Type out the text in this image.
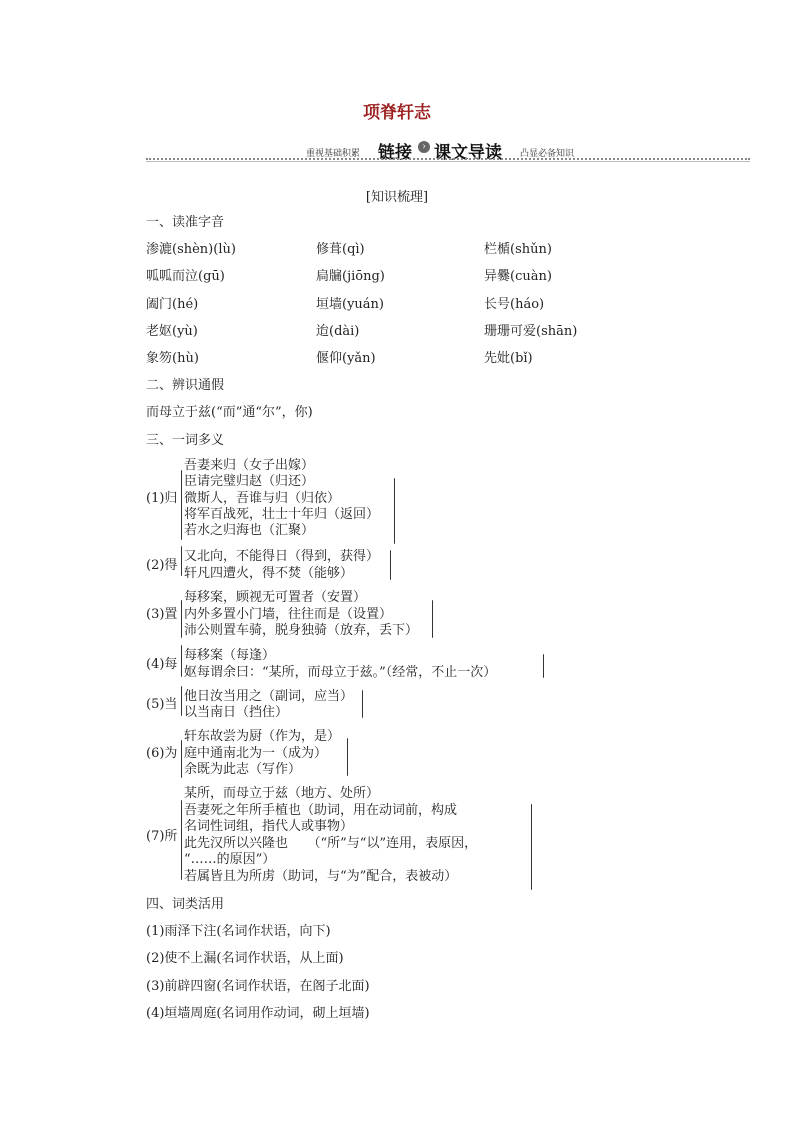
项脊轩志
重视基础积累 链接	› 课文导读 凸显必备知识
[知识梳理]
一、读准字音
渗漉(shèn)(lù)	修葺(qì)	栏楯(shǔn)
呱呱而泣(gū)	扃牖(jiōng)	异爨(cuàn)
阖门(hé)	垣墙(yuán)	长号(háo)
老妪(yù)	迨(dài)	珊珊可爱(shān)
象笏(hù)	偃仰(yǎn)	先妣(bǐ)
二、辨识通假
而母立于兹(“而”通“尔”，你)
三、一词多义
(1)归
吾妻来归（女子出嫁）
臣请完璧归赵（归还）
微斯人，吾谁与归（归依）
将军百战死，壮士十年归（返回）
若水之归海也（汇聚）
(2)得
又北向，不能得日（得到，获得）
轩凡四遭火，得不焚（能够）
(3)置
每移案，顾视无可置者（安置）
内外多置小门墙，往往而是（设置）
沛公则置车骑，脱身独骑（放弃，丢下）
(4)每
每移案（每逢）
妪每谓余曰：“某所，而母立于兹。”（经常，不止一次）
(5)当
他日汝当用之（副词，应当）
以当南日（挡住）
(6)为
轩东故尝为厨（作为，是）
庭中通南北为一（成为）
余既为此志（写作）
(7)所
某所，而母立于兹（地方、处所）
吾妻死之年所手植也（助词，用在动词前，构成
名词性词组，指代人或事物）
此先汉所以兴隆也　　（“所”与“以”连用，表原因，
“……的原因”）
若属皆且为所虏（助词，与“为”配合，表被动）
四、词类活用
(1)雨泽下注(名词作状语，向下)
(2)使不上漏(名词作状语，从上面)
(3)前辟四窗(名词作状语，在阁子北面)
(4)垣墙周庭(名词用作动词，砌上垣墙)
